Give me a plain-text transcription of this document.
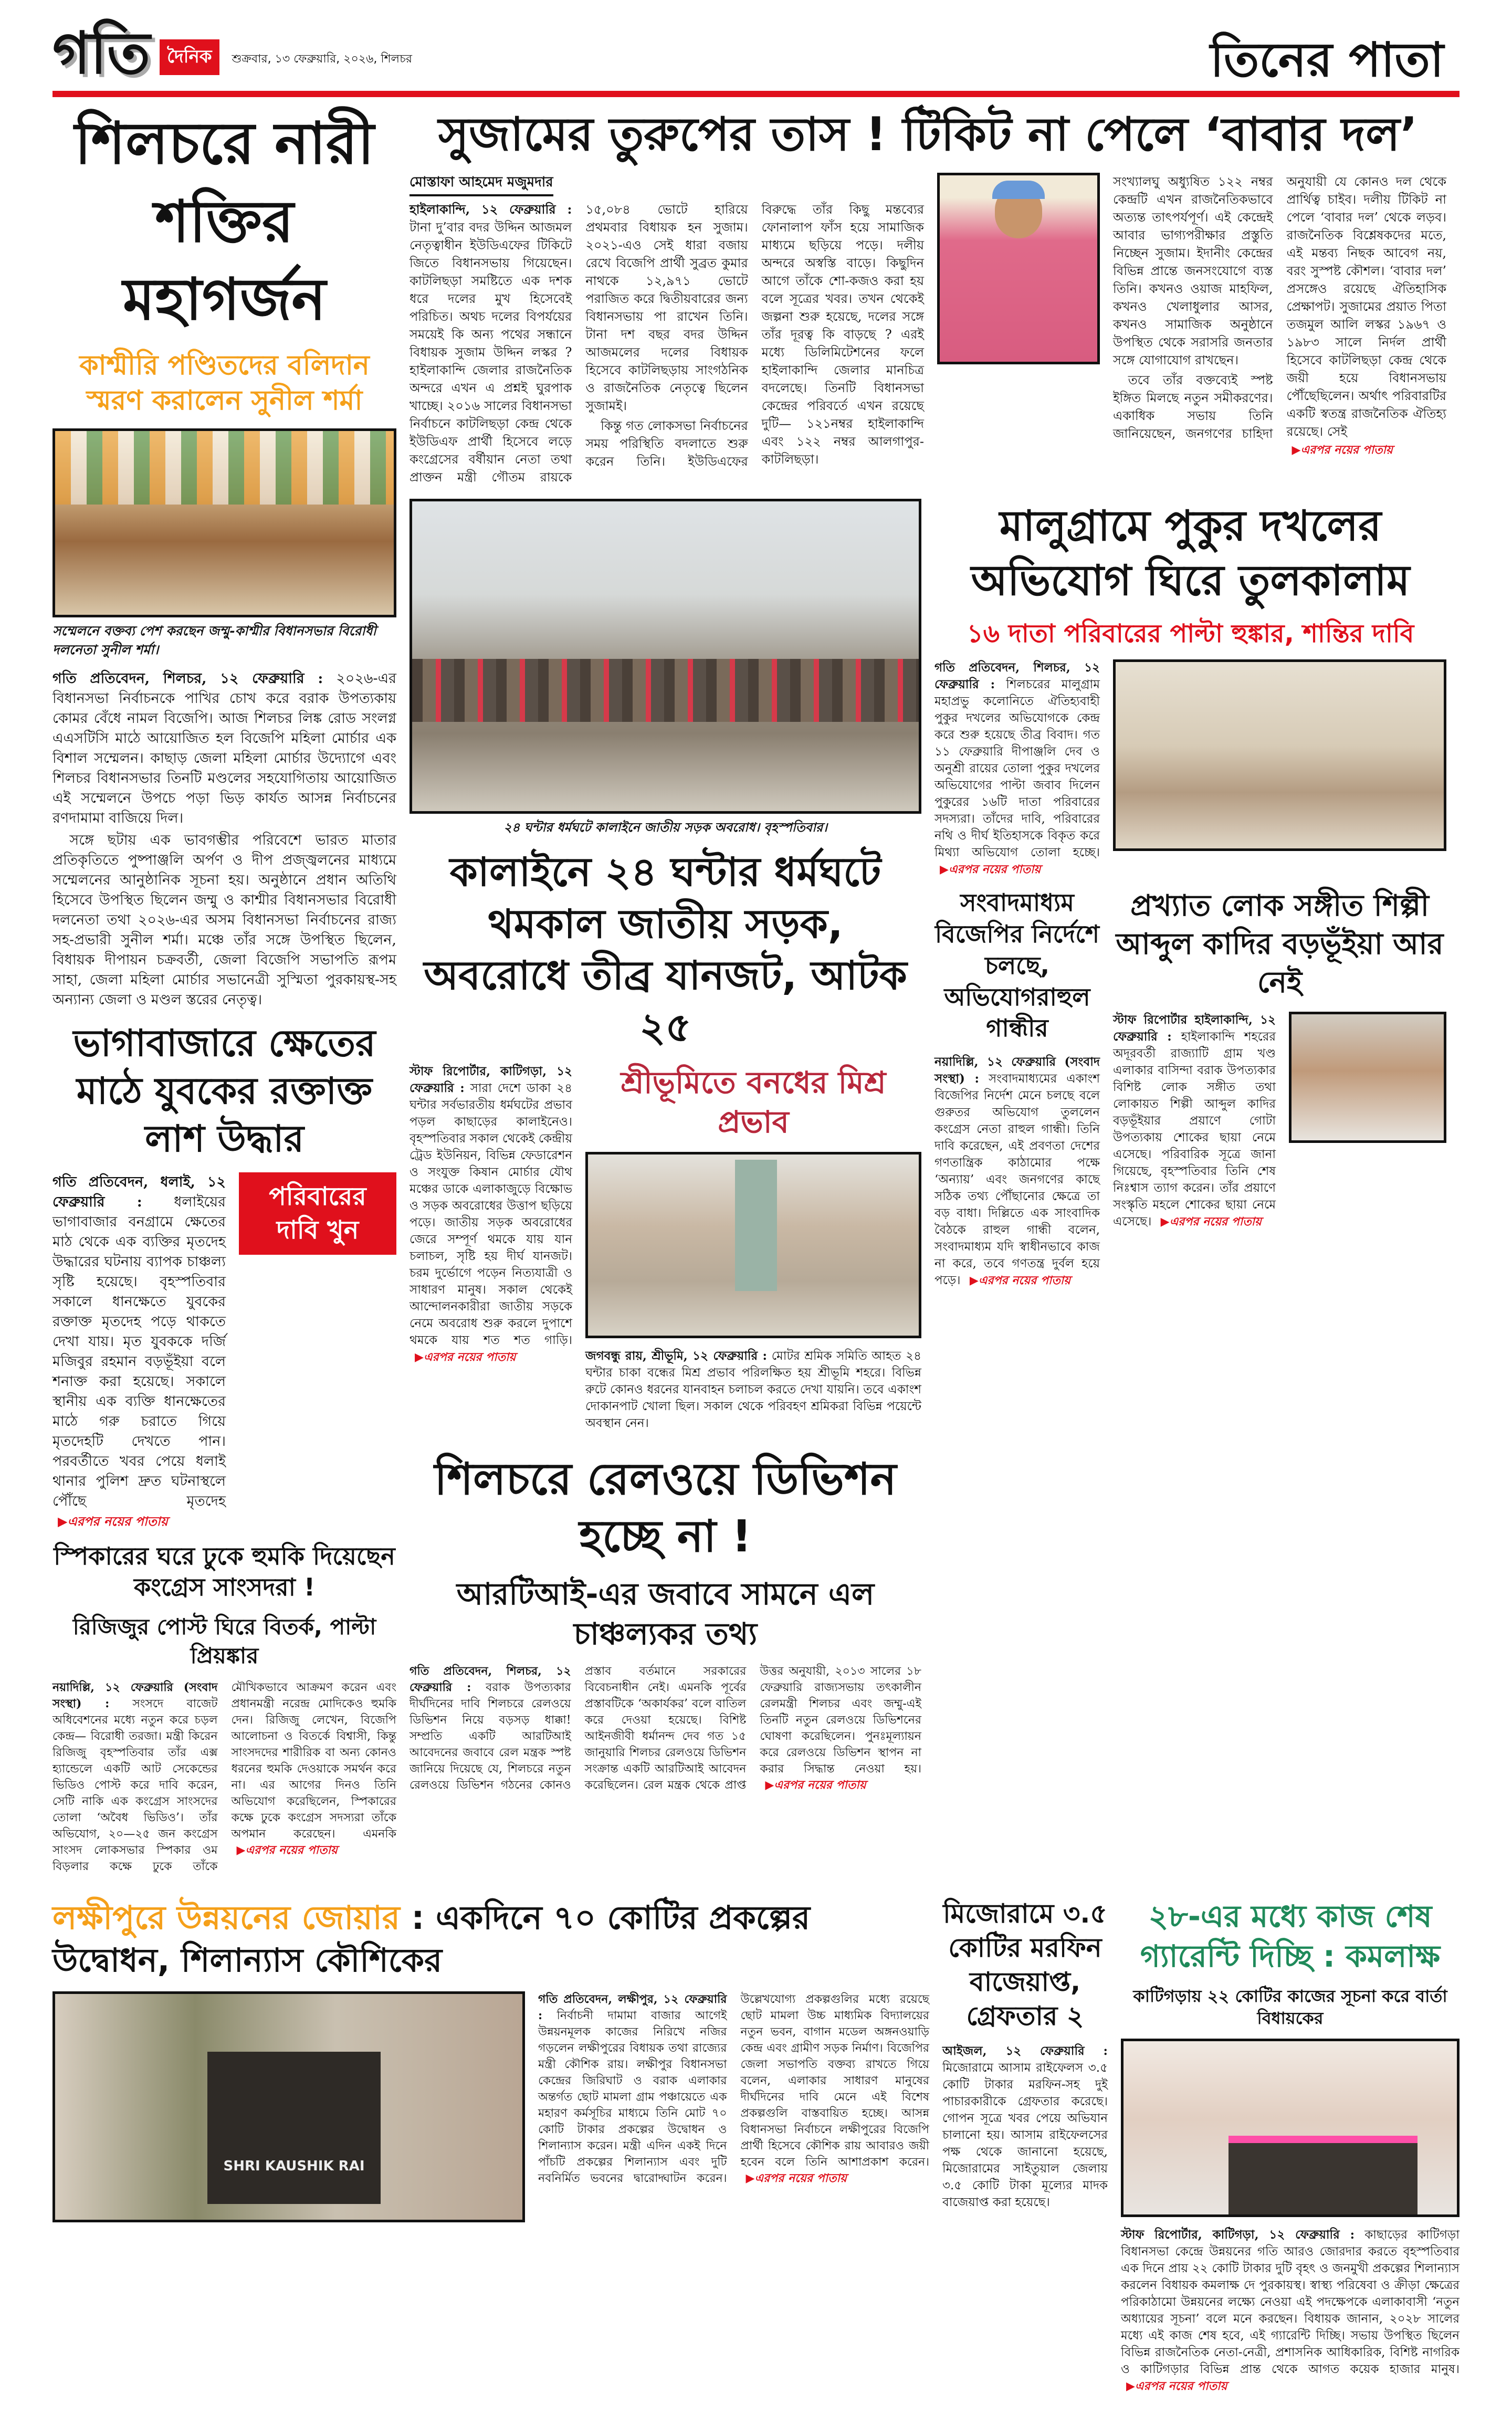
গতি দৈনিক	শুক্রবার, ১৩ ফেব্রুয়ারি, ২০২৬, শিলচর	তিনের পাতা
শিলচরে নারী শক্তির মহাগর্জন
কাশ্মীরি পণ্ডিতদের বলিদান স্মরণ করালেন সুনীল শর্মা
সম্মেলনে বক্তব্য পেশ করছেন জম্মু-কাশ্মীর বিধানসভার বিরোধী দলনেতা সুনীল শর্মা।
গতি প্রতিবেদন, শিলচর, ১২ ফেব্রুয়ারি : ২০২৬-এর বিধানসভা নির্বাচনকে পাখির চোখ করে বরাক উপত্যকায় কোমর বেঁধে নামল বিজেপি। আজ শিলচর লিঙ্ক রোড সংলগ্ন এএসটিসি মাঠে আয়োজিত হল বিজেপি মহিলা মোর্চার এক বিশাল সম্মেলন। কাছাড় জেলা মহিলা মোর্চার উদ্যোগে এবং শিলচর বিধানসভার তিনটি মণ্ডলের সহযোগিতায় আয়োজিত এই সম্মেলনে উপচে পড়া ভিড় কার্যত আসন্ন নির্বাচনের রণদামামা বাজিয়ে দিল।

সঙ্গে ছটায় এক ভাবগম্ভীর পরিবেশে ভারত মাতার প্রতিকৃতিতে পুষ্পাঞ্জলি অর্পণ ও দীপ প্রজ্জ্বলনের মাধ্যমে সম্মেলনের আনুষ্ঠানিক সূচনা হয়। অনুষ্ঠানে প্রধান অতিথি হিসেবে উপস্থিত ছিলেন জম্মু ও কাশ্মীর বিধানসভার বিরোধী দলনেতা তথা ২০২৬-এর অসম বিধানসভা নির্বাচনের রাজ্য সহ-প্রভারী সুনীল শর্মা। মঞ্চে তাঁর সঙ্গে উপস্থিত ছিলেন, বিধায়ক দীপায়ন চক্রবর্তী, জেলা বিজেপি সভাপতি রূপম সাহা, জেলা মহিলা মোর্চার সভানেত্রী সুস্মিতা পুরকায়স্থ-সহ অন্যান্য জেলা ও মণ্ডল স্তরের নেতৃত্ব।

ভাগাবাজারে ক্ষেতের মাঠে যুবকের রক্তাক্ত লাশ উদ্ধার
গতি প্রতিবেদন, ধলাই, ১২ ফেব্রুয়ারি : ধলাইয়ের ভাগাবাজার বনগ্রামে ক্ষেতের মাঠ থেকে এক ব্যক্তির মৃতদেহ উদ্ধারের ঘটনায় ব্যাপক চাঞ্চল্য সৃষ্টি হয়েছে। বৃহস্পতিবার সকালে ধানক্ষেতে যুবকের রক্তাক্ত মৃতদেহ পড়ে থাকতে দেখা যায়। মৃত যুবককে দর্জি মজিবুর রহমান বড়ভূঁইয়া বলে শনাক্ত করা হয়েছে। সকালে স্থানীয় এক ব্যক্তি ধানক্ষেতের মাঠে গরু চরাতে গিয়ে মৃতদেহটি দেখতে পান। পরবর্তীতে খবর পেয়ে ধলাই থানার পুলিশ দ্রুত ঘটনাস্থলে পৌঁছে মৃতদেহ ▶এরপর নয়ের পাতায়
পরিবারের দাবি খুন
স্পিকারের ঘরে ঢুকে হুমকি দিয়েছেন কংগ্রেস সাংসদরা !
রিজিজুর পোস্ট ঘিরে বিতর্ক, পাল্টা প্রিয়ঙ্কার
নয়াদিল্লি, ১২ ফেব্রুয়ারি (সংবাদ সংস্থা) : সংসদে বাজেট অধিবেশনের মধ্যে নতুন করে চড়ল কেন্দ্র— বিরোধী তরজা। মন্ত্রী কিরেন রিজিজু বৃহস্পতিবার তাঁর এক্স হ্যান্ডেলে একটি আট সেকেন্ডের ভিডিও পোস্ট করে দাবি করেন, সেটি নাকি এক কংগ্রেস সাংসদের তোলা ‘অবৈধ ভিডিও’। তাঁর অভিযোগ, ২০—২৫ জন কংগ্রেস সাংসদ লোকসভার স্পিকার ওম বিড়লার কক্ষে ঢুকে তাঁকে মৌখিকভাবে আক্রমণ করেন এবং প্রধানমন্ত্রী নরেন্দ্র মোদিকেও হুমকি দেন। রিজিজু লেখেন, বিজেপি আলোচনা ও বিতর্কে বিশ্বাসী, কিন্তু সাংসদদের শারীরিক বা অন্য কোনও ধরনের হুমকি দেওয়াকে সমর্থন করে না। এর আগের দিনও তিনি অভিযোগ করেছিলেন, স্পিকারের কক্ষে ঢুকে কংগ্রেস সদস্যরা তাঁকে অপমান করেছেন। এমনকি ▶এরপর নয়ের পাতায়
সুজামের তুরুপের তাস ! টিকিট না পেলে ‘বাবার দল’
মোস্তাফা আহমেদ মজুমদার
হাইলাকান্দি, ১২ ফেব্রুয়ারি : টানা দু’বার বদর উদ্দিন আজমল নেতৃত্বাধীন ইউডিএফের টিকিটে জিতে বিধানসভায় গিয়েছেন। কাটলিছড়া সমষ্টিতে এক দশক ধরে দলের মুখ হিসেবেই পরিচিত। অথচ দলের বিপর্যয়ের সময়েই কি অন্য পথের সন্ধানে বিধায়ক সুজাম উদ্দিন লস্কর ? হাইলাকান্দি জেলার রাজনৈতিক অন্দরে এখন এ প্রশ্নই ঘুরপাক খাচ্ছে। ২০১৬ সালের বিধানসভা নির্বাচনে কাটলিছড়া কেন্দ্র থেকে ইউডিএফ প্রার্থী হিসেবে লড়ে কংগ্রেসের বর্ষীয়ান নেতা তথা প্রাক্তন মন্ত্রী গৌতম রায়কে ১৫,০৮৪ ভোটে হারিয়ে প্রথমবার বিধায়ক হন সুজাম। ২০২১-এও সেই ধারা বজায় রেখে বিজেপি প্রার্থী সুব্রত কুমার নাথকে ১২,৯৭১ ভোটে পরাজিত করে দ্বিতীয়বারের জন্য বিধানসভায় পা রাখেন তিনি। টানা দশ বছর বদর উদ্দিন আজমলের দলের বিধায়ক হিসেবে কাটলিছড়ায় সাংগঠনিক ও রাজনৈতিক নেতৃত্বে ছিলেন সুজামই।

কিন্তু গত লোকসভা নির্বাচনের সময় পরিস্থিতি বদলাতে শুরু করেন তিনি। ইউডিএফের বিরুদ্ধে তাঁর কিছু মন্তব্যের ফোনালাপ ফাঁস হয়ে সামাজিক মাধ্যমে ছড়িয়ে পড়ে। দলীয় অন্দরে অস্বস্তি বাড়ে। কিছুদিন আগে তাঁকে শো-কজও করা হয় বলে সূত্রের খবর। তখন থেকেই জল্পনা শুরু হয়েছে, দলের সঙ্গে তাঁর দূরত্ব কি বাড়ছে ? এরই মধ্যে ডিলিমিটেশনের ফলে হাইলাকান্দি জেলার মানচিত্র বদলেছে। তিনটি বিধানসভা কেন্দ্রের পরিবর্তে এখন রয়েছে দুটি— ১২১নম্বর হাইলাকান্দি এবং ১২২ নম্বর আলগাপুর-কাটলিছড়া।

সংখ্যালঘু অধ্যুষিত ১২২ নম্বর কেন্দ্রটি এখন রাজনৈতিকভাবে অত্যন্ত তাৎপর্যপূর্ণ। এই কেন্দ্রেই আবার ভাগ্যপরীক্ষার প্রস্তুতি নিচ্ছেন সুজাম। ইদানীং কেন্দ্রের বিভিন্ন প্রান্তে জনসংযোগে ব্যস্ত তিনি। কখনও ওয়াজ মাহফিল, কখনও খেলাধুলার আসর, কখনও সামাজিক অনুষ্ঠানে উপস্থিত থেকে সরাসরি জনতার সঙ্গে যোগাযোগ রাখছেন।

তবে তাঁর বক্তব্যেই স্পষ্ট ইঙ্গিত মিলছে নতুন সমীকরণের। একাধিক সভায় তিনি জানিয়েছেন, জনগণের চাহিদা অনুযায়ী যে কোনও দল থেকে প্রার্থিত্ব চাইব। দলীয় টিকিট না পেলে ‘বাবার দল’ থেকে লড়ব। রাজনৈতিক বিশ্লেষকদের মতে, এই মন্তব্য নিছক আবেগ নয়, বরং সুস্পষ্ট কৌশল। ‘বাবার দল’ প্রসঙ্গেও রয়েছে ঐতিহাসিক প্রেক্ষাপট। সুজামের প্রয়াত পিতা তজমুল আলি লস্কর ১৯৬৭ ও ১৯৮৩ সালে নির্দল প্রার্থী হিসেবে কাটলিছড়া কেন্দ্র থেকে জয়ী হয়ে বিধানসভায় পৌঁছেছিলেন। অর্থাৎ পরিবারটির একটি স্বতন্ত্র রাজনৈতিক ঐতিহ্য রয়েছে। সেই

▶এরপর নয়ের পাতায়
২৪ ঘন্টার ধর্মঘটে কালাইনে জাতীয় সড়ক অবরোধ। বৃহস্পতিবার।
কালাইনে ২৪ ঘন্টার ধর্মঘটে থমকাল জাতীয় সড়ক, অবরোধে তীব্র যানজট, আটক ২৫
স্টাফ রিপোর্টার, কাটিগড়া, ১২ ফেব্রুয়ারি : সারা দেশে ডাকা ২৪ ঘন্টার সর্বভারতীয় ধর্মঘটের প্রভাব পড়ল কাছাড়ের কালাইনেও। বৃহস্পতিবার সকাল থেকেই কেন্দ্রীয় ট্রেড ইউনিয়ন, বিভিন্ন ফেডারেশন ও সংযুক্ত কিষান মোর্চার যৌথ মঞ্চের ডাকে এলাকাজুড়ে বিক্ষোভ ও সড়ক অবরোধের উত্তাপ ছড়িয়ে পড়ে। জাতীয় সড়ক অবরোধের জেরে সম্পূর্ণ থমকে যায় যান চলাচল, সৃষ্টি হয় দীর্ঘ যানজট। চরম দুর্ভোগে পড়েন নিত্যযাত্রী ও সাধারণ মানুষ। সকাল থেকেই আন্দোলনকারীরা জাতীয় সড়কে নেমে অবরোধ শুরু করলে দুপাশে থমকে যায় শত শত গাড়ি। ▶এরপর নয়ের পাতায়
শ্রীভূমিতে বনধের মিশ্র প্রভাব
জগবন্ধু রায়, শ্রীভূমি, ১২ ফেব্রুয়ারি : মোটর শ্রমিক সমিতি আহত ২৪ ঘন্টার চাকা বন্ধের মিশ্র প্রভাব পরিলক্ষিত হয় শ্রীভূমি শহরে। বিভিন্ন রুটে কোনও ধরনের যানবাহন চলাচল করতে দেখা যায়নি। তবে একাংশ দোকানপাট খোলা ছিল। সকাল থেকে পরিবহণ শ্রমিকরা বিভিন্ন পয়েন্টে অবস্থান নেন।
শিলচরে রেলওয়ে ডিভিশন হচ্ছে না !
আরটিআই-এর জবাবে সামনে এল চাঞ্চল্যকর তথ্য
গতি প্রতিবেদন, শিলচর, ১২ ফেব্রুয়ারি : বরাক উপত্যকার দীর্ঘদিনের দাবি শিলচরে রেলওয়ে ডিভিশন নিয়ে বড়সড় ধাক্কা! সম্প্রতি একটি আরটিআই আবেদনের জবাবে রেল মন্ত্রক স্পষ্ট জানিয়ে দিয়েছে যে, শিলচরে নতুন রেলওয়ে ডিভিশন গঠনের কোনও প্রস্তাব বর্তমানে সরকারের বিবেচনাধীন নেই। এমনকি পূর্বের প্রস্তাবটিকে ‘অকার্যকর’ বলে বাতিল করে দেওয়া হয়েছে। বিশিষ্ট আইনজীবী ধর্মানন্দ দেব গত ১৫ জানুয়ারি শিলচর রেলওয়ে ডিভিশন সংক্রান্ত একটি আরটিআই আবেদন করেছিলেন। রেল মন্ত্রক থেকে প্রাপ্ত উত্তর অনুযায়ী, ২০১৩ সালের ১৮ ফেব্রুয়ারি রাজ্যসভায় তৎকালীন রেলমন্ত্রী শিলচর এবং জম্মু-এই তিনটি নতুন রেলওয়ে ডিভিশনের ঘোষণা করেছিলেন। পুনঃমূল্যায়ন করে রেলওয়ে ডিভিশন স্থাপন না করার সিদ্ধান্ত নেওয়া হয়। ▶এরপর নয়ের পাতায়
মালুগ্রামে পুকুর দখলের অভিযোগ ঘিরে তুলকালাম
১৬ দাতা পরিবারের পাল্টা হুঙ্কার, শান্তির দাবি
গতি প্রতিবেদন, শিলচর, ১২ ফেব্রুয়ারি : শিলচরের মালুগ্রাম মহাপ্রভু কলোনিতে ঐতিহ্যবাহী পুকুর দখলের অভিযোগকে কেন্দ্র করে শুরু হয়েছে তীব্র বিবাদ। গত ১১ ফেব্রুয়ারি দীপাঞ্জলি দেব ও অনুশ্রী রায়ের তোলা পুকুর দখলের অভিযোগের পাল্টা জবাব দিলেন পুকুরের ১৬টি দাতা পরিবারের সদস্যরা। তাঁদের দাবি, পরিবারের নথি ও দীর্ঘ ইতিহাসকে বিকৃত করে মিথ্যা অভিযোগ তোলা হচ্ছে। ▶এরপর নয়ের পাতায়
সংবাদমাধ্যম বিজেপির নির্দেশে চলছে, অভিযোগরাহুল গান্ধীর
নয়াদিল্লি, ১২ ফেব্রুয়ারি (সংবাদ সংস্থা) : সংবাদমাধ্যমের একাংশ বিজেপির নির্দেশ মেনে চলছে বলে গুরুতর অভিযোগ তুললেন কংগ্রেস নেতা রাহুল গান্ধী। তিনি দাবি করেছেন, এই প্রবণতা দেশের গণতান্ত্রিক কাঠামোর পক্ষে ‘অন্যায়’ এবং জনগণের কাছে সঠিক তথ্য পৌঁছানোর ক্ষেত্রে তা বড় বাধা। দিল্লিতে এক সাংবাদিক বৈঠকে রাহুল গান্ধী বলেন, সংবাদমাধ্যম যদি স্বাধীনভাবে কাজ না করে, তবে গণতন্ত্র দুর্বল হয়ে পড়ে। ▶এরপর নয়ের পাতায়
প্রখ্যাত লোক সঙ্গীত শিল্পী আব্দুল কাদির বড়ভূঁইয়া আর নেই
স্টাফ রিপোর্টার হাইলাকান্দি, ১২ ফেব্রুয়ারি : হাইলাকান্দি শহরের অদূরবর্তী রাজ্যাটি গ্রাম খণ্ড এলাকার বাসিন্দা বরাক উপত্যকার বিশিষ্ট লোক সঙ্গীত তথা লোকায়ত শিল্পী আব্দুল কাদির বড়ভূঁইয়ার প্রয়াণে গোটা উপত্যকায় শোকের ছায়া নেমে এসেছে। পরিবারিক সূত্রে জানা গিয়েছে, বৃহস্পতিবার তিনি শেষ নিঃশ্বাস ত্যাগ করেন। তাঁর প্রয়াণে সংস্কৃতি মহলে শোকের ছায়া নেমে এসেছে। ▶এরপর নয়ের পাতায়
লক্ষীপুরে উন্নয়নের জোয়ার : একদিনে ৭০ কোটির প্রকল্পের উদ্বোধন, শিলান্যাস কৌশিকের
SHRI KAUSHIK RAI
গতি প্রতিবেদন, লক্ষীপুর, ১২ ফেব্রুয়ারি : নির্বাচনী দামামা বাজার আগেই উন্নয়নমূলক কাজের নিরিখে নজির গড়লেন লক্ষীপুরের বিধায়ক তথা রাজ্যের মন্ত্রী কৌশিক রায়। লক্ষীপুর বিধানসভা কেন্দ্রের জিরিঘাট ও বরাক এলাকার অন্তর্গত ছোট মামলা গ্রাম পঞ্চায়েতে এক মহারণ কর্মসূচির মাধ্যমে তিনি মোট ৭০ কোটি টাকার প্রকল্পের উদ্বোধন ও শিলান্যাস করেন। মন্ত্রী এদিন একই দিনে পাঁচটি প্রকল্পের শিলান্যাস এবং দুটি নবনির্মিত ভবনের দ্বারোদ্ঘাটন করেন। উল্লেখযোগ্য প্রকল্পগুলির মধ্যে রয়েছে ছোট মামলা উচ্চ মাধ্যমিক বিদ্যালয়ের নতুন ভবন, বাগান মডেল অঙ্গনওয়াড়ি কেন্দ্র এবং গ্রামীণ সড়ক নির্মাণ। বিজেপির জেলা সভাপতি বক্তব্য রাখতে গিয়ে বলেন, এলাকার সাধারণ মানুষের দীর্ঘদিনের দাবি মেনে এই বিশেষ প্রকল্পগুলি বাস্তবায়িত হচ্ছে। আসন্ন বিধানসভা নির্বাচনে লক্ষীপুরের বিজেপি প্রার্থী হিসেবে কৌশিক রায় আবারও জয়ী হবেন বলে তিনি আশাপ্রকাশ করেন। ▶এরপর নয়ের পাতায়
মিজোরামে ৩.৫ কোটির মরফিন বাজেয়াপ্ত, গ্রেফতার ২
আইজল, ১২ ফেব্রুয়ারি : মিজোরামে আসাম রাইফেলস ৩.৫ কোটি টাকার মরফিন-সহ দুই পাচারকারীকে গ্রেফতার করেছে। গোপন সূত্রে খবর পেয়ে অভিযান চালানো হয়। আসাম রাইফেলসের পক্ষ থেকে জানানো হয়েছে, মিজোরামের সাইতুয়াল জেলায় ৩.৫ কোটি টাকা মূল্যের মাদক বাজেয়াপ্ত করা হয়েছে।
২৮-এর মধ্যে কাজ শেষ গ্যারেন্টি দিচ্ছি : কমলাক্ষ
কাটিগড়ায় ২২ কোটির কাজের সূচনা করে বার্তা বিধায়কের
স্টাফ রিপোর্টার, কাটিগড়া, ১২ ফেব্রুয়ারি : কাছাড়ের কাটিগড়া বিধানসভা কেন্দ্রে উন্নয়নের গতি আরও জোরদার করতে বৃহস্পতিবার এক দিনে প্রায় ২২ কোটি টাকার দুটি বৃহৎ ও জনমুখী প্রকল্পের শিলান্যাস করলেন বিধায়ক কমলাক্ষ দে পুরকায়স্থ। স্বাস্থ্য পরিষেবা ও ক্রীড়া ক্ষেত্রের পরিকাঠামো উন্নয়নের লক্ষ্যে নেওয়া এই পদক্ষেপকে এলাকাবাসী ‘নতুন অধ্যায়ের সূচনা’ বলে মনে করছেন। বিধায়ক জানান, ২০২৮ সালের মধ্যে এই কাজ শেষ হবে, এই গ্যারেন্টি দিচ্ছি। সভায় উপস্থিত ছিলেন বিভিন্ন রাজনৈতিক নেতা-নেত্রী, প্রশাসনিক আধিকারিক, বিশিষ্ট নাগরিক ও কাটিগড়ার বিভিন্ন প্রান্ত থেকে আগত কয়েক হাজার মানুষ। ▶এরপর নয়ের পাতায়
